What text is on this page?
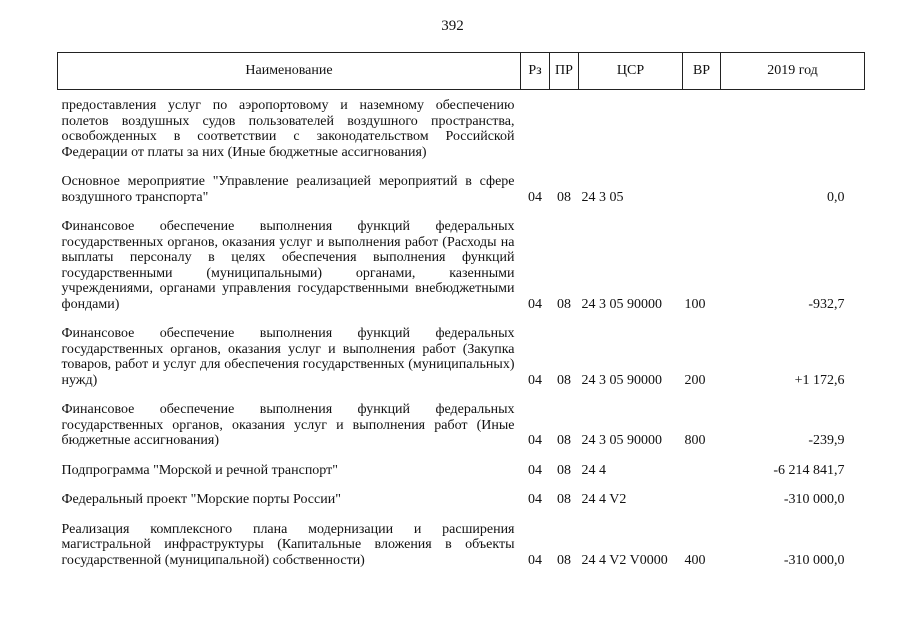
392
Наименование	Рз	ПР	ЦСР	ВР	2019 год
предоставления услуг по аэропортовому и наземному обеспечению полетов воздушных судов пользователей воздушного пространства, освобожденных в соответствии с законодательством Российской Федерации от платы за них (Иные бюджетные ассигнования)					
Основное мероприятие "Управление реализацией мероприятий в сфере воздушного транспорта"	04	08	24 3 05		0,0
Финансовое обеспечение выполнения функций федеральных государственных органов, оказания услуг и выполнения работ (Расходы на выплаты персоналу в целях обеспечения выполнения функций государственными (муниципальными) органами, казенными учреждениями, органами управления государственными внебюджетными фондами)	04	08	24 3 05 90000	100	-932,7
Финансовое обеспечение выполнения функций федеральных государственных органов, оказания услуг и выполнения работ (Закупка товаров, работ и услуг для обеспечения государственных (муниципальных) нужд)	04	08	24 3 05 90000	200	+1 172,6
Финансовое обеспечение выполнения функций федеральных государственных органов, оказания услуг и выполнения работ (Иные бюджетные ассигнования)	04	08	24 3 05 90000	800	-239,9
Подпрограмма "Морской и речной транспорт"	04	08	24 4		-6 214 841,7
Федеральный проект "Морские порты России"	04	08	24 4 V2		-310 000,0
Реализация комплексного плана модернизации и расширения магистральной инфраструктуры (Капитальные вложения в объекты государственной (муниципальной) собственности)	04	08	24 4 V2 V0000	400	-310 000,0
